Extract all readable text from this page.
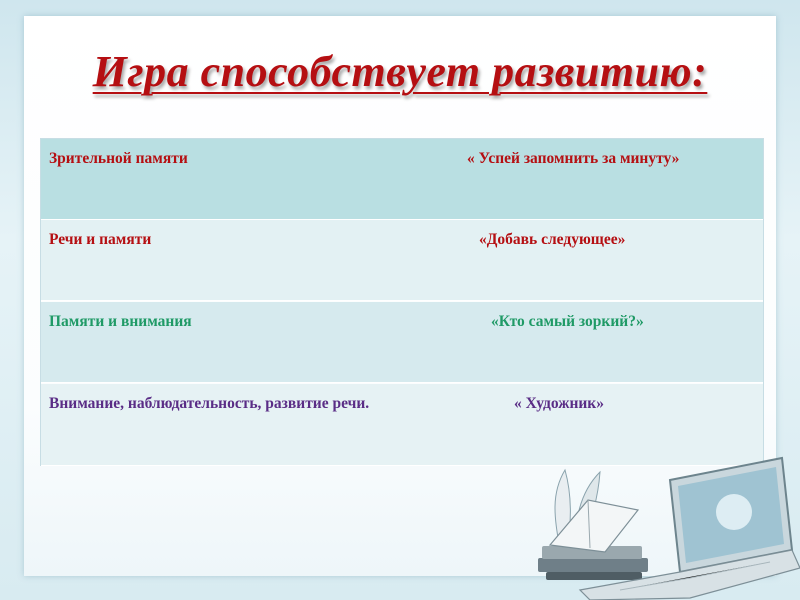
Игра способствует развитию:
Зрительной памяти	« Успей запомнить за минуту»
Речи и памяти	«Добавь следующее»
Памяти и внимания	«Кто самый зоркий?»
Внимание, наблюдательность, развитие речи.	« Художник»
